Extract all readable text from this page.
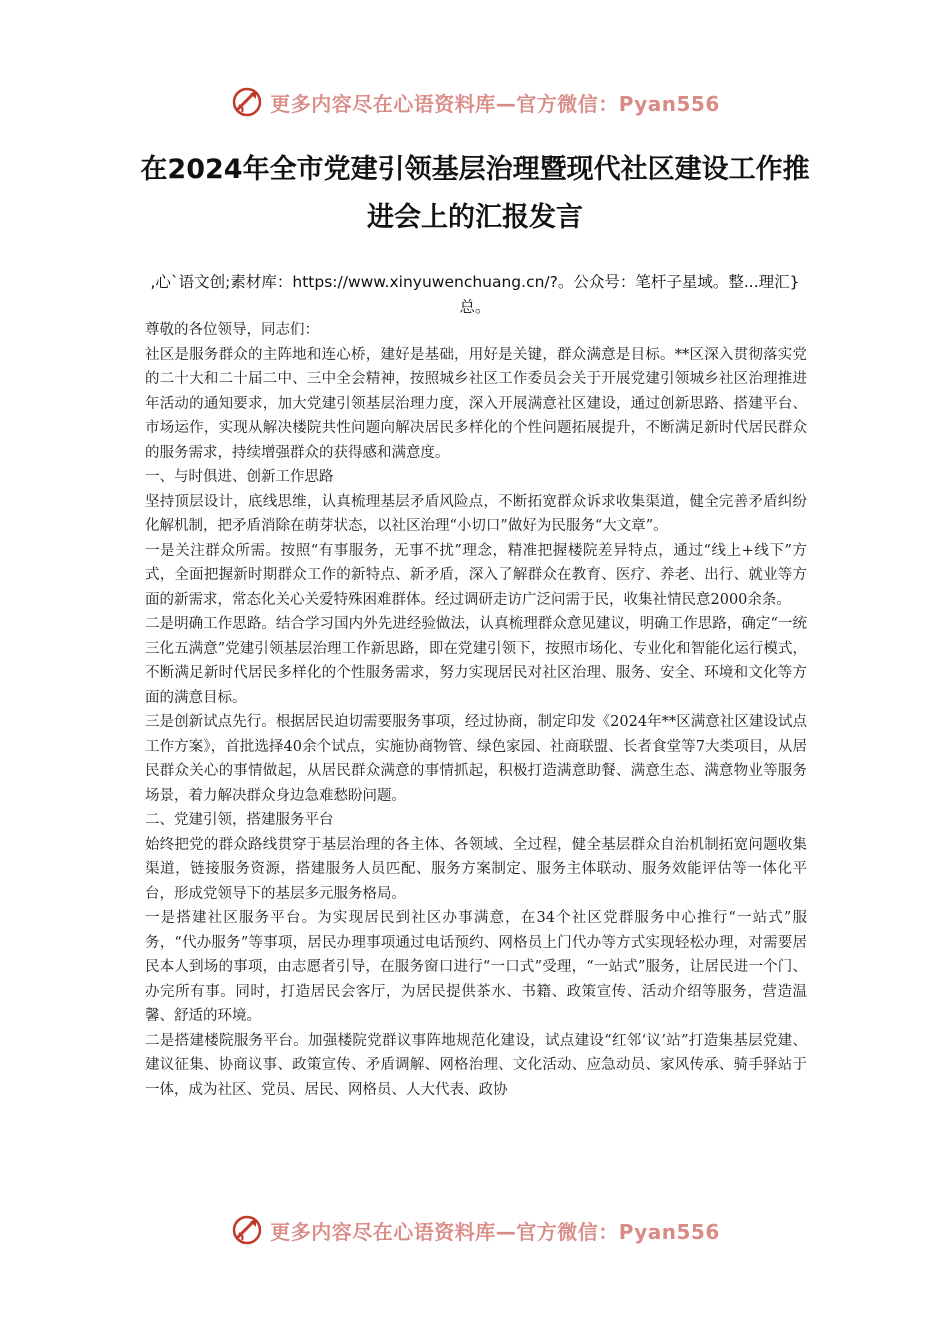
更多内容尽在心语资料库—官方微信：Pyan556
在2024年全市党建引领基层治理暨现代社区建设工作推进会上的汇报发言
,心`语文创;素材库：https://www.xinyuwenchuang.cn/?。公众号：笔杆子星域。整...理汇}总。

尊敬的各位领导，同志们：

社区是服务群众的主阵地和连心桥，建好是基础，用好是关键，群众满意是目标。**区深入贯彻落实党的二十大和二十届二中、三中全会精神，按照城乡社区工作委员会关于开展党建引领城乡社区治理推进年活动的通知要求，加大党建引领基层治理力度，深入开展满意社区建设，通过创新思路、搭建平台、市场运作，实现从解决楼院共性问题向解决居民多样化的个性问题拓展提升，不断满足新时代居民群众的服务需求，持续增强群众的获得感和满意度。

一、与时俱进、创新工作思路

坚持顶层设计，底线思维，认真梳理基层矛盾风险点，不断拓宽群众诉求收集渠道，健全完善矛盾纠纷化解机制，把矛盾消除在萌芽状态，以社区治理“小切口”做好为民服务“大文章”。

一是关注群众所需。按照“有事服务，无事不扰”理念，精准把握楼院差异特点，通过“线上+线下”方式，全面把握新时期群众工作的新特点、新矛盾，深入了解群众在教育、医疗、养老、出行、就业等方面的新需求，常态化关心关爱特殊困难群体。经过调研走访广泛问需于民，收集社情民意2000余条。

二是明确工作思路。结合学习国内外先进经验做法，认真梳理群众意见建议，明确工作思路，确定“一统三化五满意”党建引领基层治理工作新思路，即在党建引领下，按照市场化、专业化和智能化运行模式，不断满足新时代居民多样化的个性服务需求，努力实现居民对社区治理、服务、安全、环境和文化等方面的满意目标。

三是创新试点先行。根据居民迫切需要服务事项，经过协商，制定印发《2024年**区满意社区建设试点工作方案》，首批选择40余个试点，实施协商物管、绿色家园、社商联盟、长者食堂等7大类项目，从居民群众关心的事情做起，从居民群众满意的事情抓起，积极打造满意助餐、满意生态、满意物业等服务场景，着力解决群众身边急难愁盼问题。

二、党建引领，搭建服务平台

始终把党的群众路线贯穿于基层治理的各主体、各领域、全过程，健全基层群众自治机制拓宽问题收集渠道，链接服务资源，搭建服务人员匹配、服务方案制定、服务主体联动、服务效能评估等一体化平台，形成党领导下的基层多元服务格局。

一是搭建社区服务平台。为实现居民到社区办事满意，在34个社区党群服务中心推行“一站式”服务，“代办服务”等事项，居民办理事项通过电话预约、网格员上门代办等方式实现轻松办理，对需要居民本人到场的事项，由志愿者引导，在服务窗口进行“一口式”受理，“一站式”服务，让居民进一个门、办完所有事。同时，打造居民会客厅，为居民提供茶水、书籍、政策宣传、活动介绍等服务，营造温馨、舒适的环境。

二是搭建楼院服务平台。加强楼院党群议事阵地规范化建设，试点建设“红邻‘议’站”打造集基层党建、建议征集、协商议事、政策宣传、矛盾调解、网格治理、文化活动、应急动员、家风传承、骑手驿站于一体，成为社区、党员、居民、网格员、人大代表、政协

更多内容尽在心语资料库—官方微信：Pyan556
